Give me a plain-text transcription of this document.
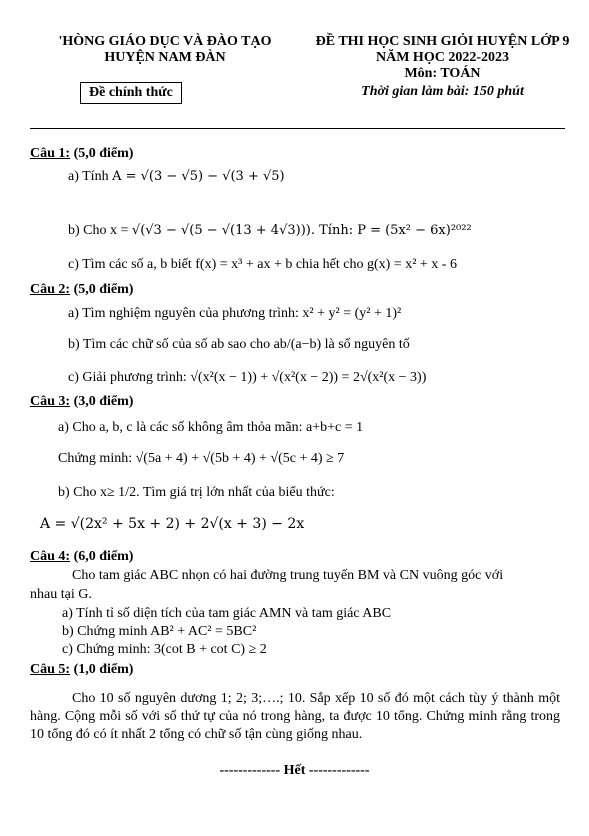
'HÒNG GIÁO DỤC VÀ ĐÀO TẠO
HUYỆN NAM ĐÀN
Đề chính thức
ĐỀ THI HỌC SINH GIỎI HUYỆN LỚP 9
NĂM HỌC 2022-2023
Môn: TOÁN
Thời gian làm bài: 150 phút
Câu 1: (5,0 điểm)
a) Tính A = √(3 − √5) − √(3 + √5)
b) Cho x = √(√3 − √(5 − √(13 + 4√3))). Tính: P = (5x² − 6x)²⁰²²
c) Tìm các số a, b biết f(x) = x³ + ax + b chia hết cho g(x) = x² + x - 6
Câu 2: (5,0 điểm)
a) Tìm nghiệm nguyên của phương trình: x² + y² = (y² + 1)²
b) Tìm các chữ số của số ab sao cho ab/(a−b) là số nguyên tố
c) Giải phương trình: √(x²(x − 1)) + √(x²(x − 2)) = 2√(x²(x − 3))
Câu 3: (3,0 điểm)
a) Cho a, b, c là các số không âm thỏa mãn: a+b+c = 1
Chứng minh: √(5a + 4) + √(5b + 4) + √(5c + 4) ≥ 7
b) Cho x≥ 1/2. Tìm giá trị lớn nhất của biểu thức:
A = √(2x² + 5x + 2) + 2√(x + 3) − 2x
Câu 4: (6,0 điểm)
Cho tam giác ABC nhọn có hai đường trung tuyến BM và CN vuông góc với
nhau tại G.
a) Tính tỉ số diện tích của tam giác AMN và tam giác ABC
b) Chứng minh AB² + AC² = 5BC²
c) Chứng minh: 3(cot B + cot C) ≥ 2
Câu 5: (1,0 điểm)
Cho 10 số nguyên dương 1; 2; 3;….; 10. Sắp xếp 10 số đó một cách tùy ý thành một hàng. Cộng mỗi số với số thứ tự của nó trong hàng, ta được 10 tổng. Chứng minh rằng trong 10 tổng đó có ít nhất 2 tổng có chữ số tận cùng giống nhau.
------------- Hết -------------
